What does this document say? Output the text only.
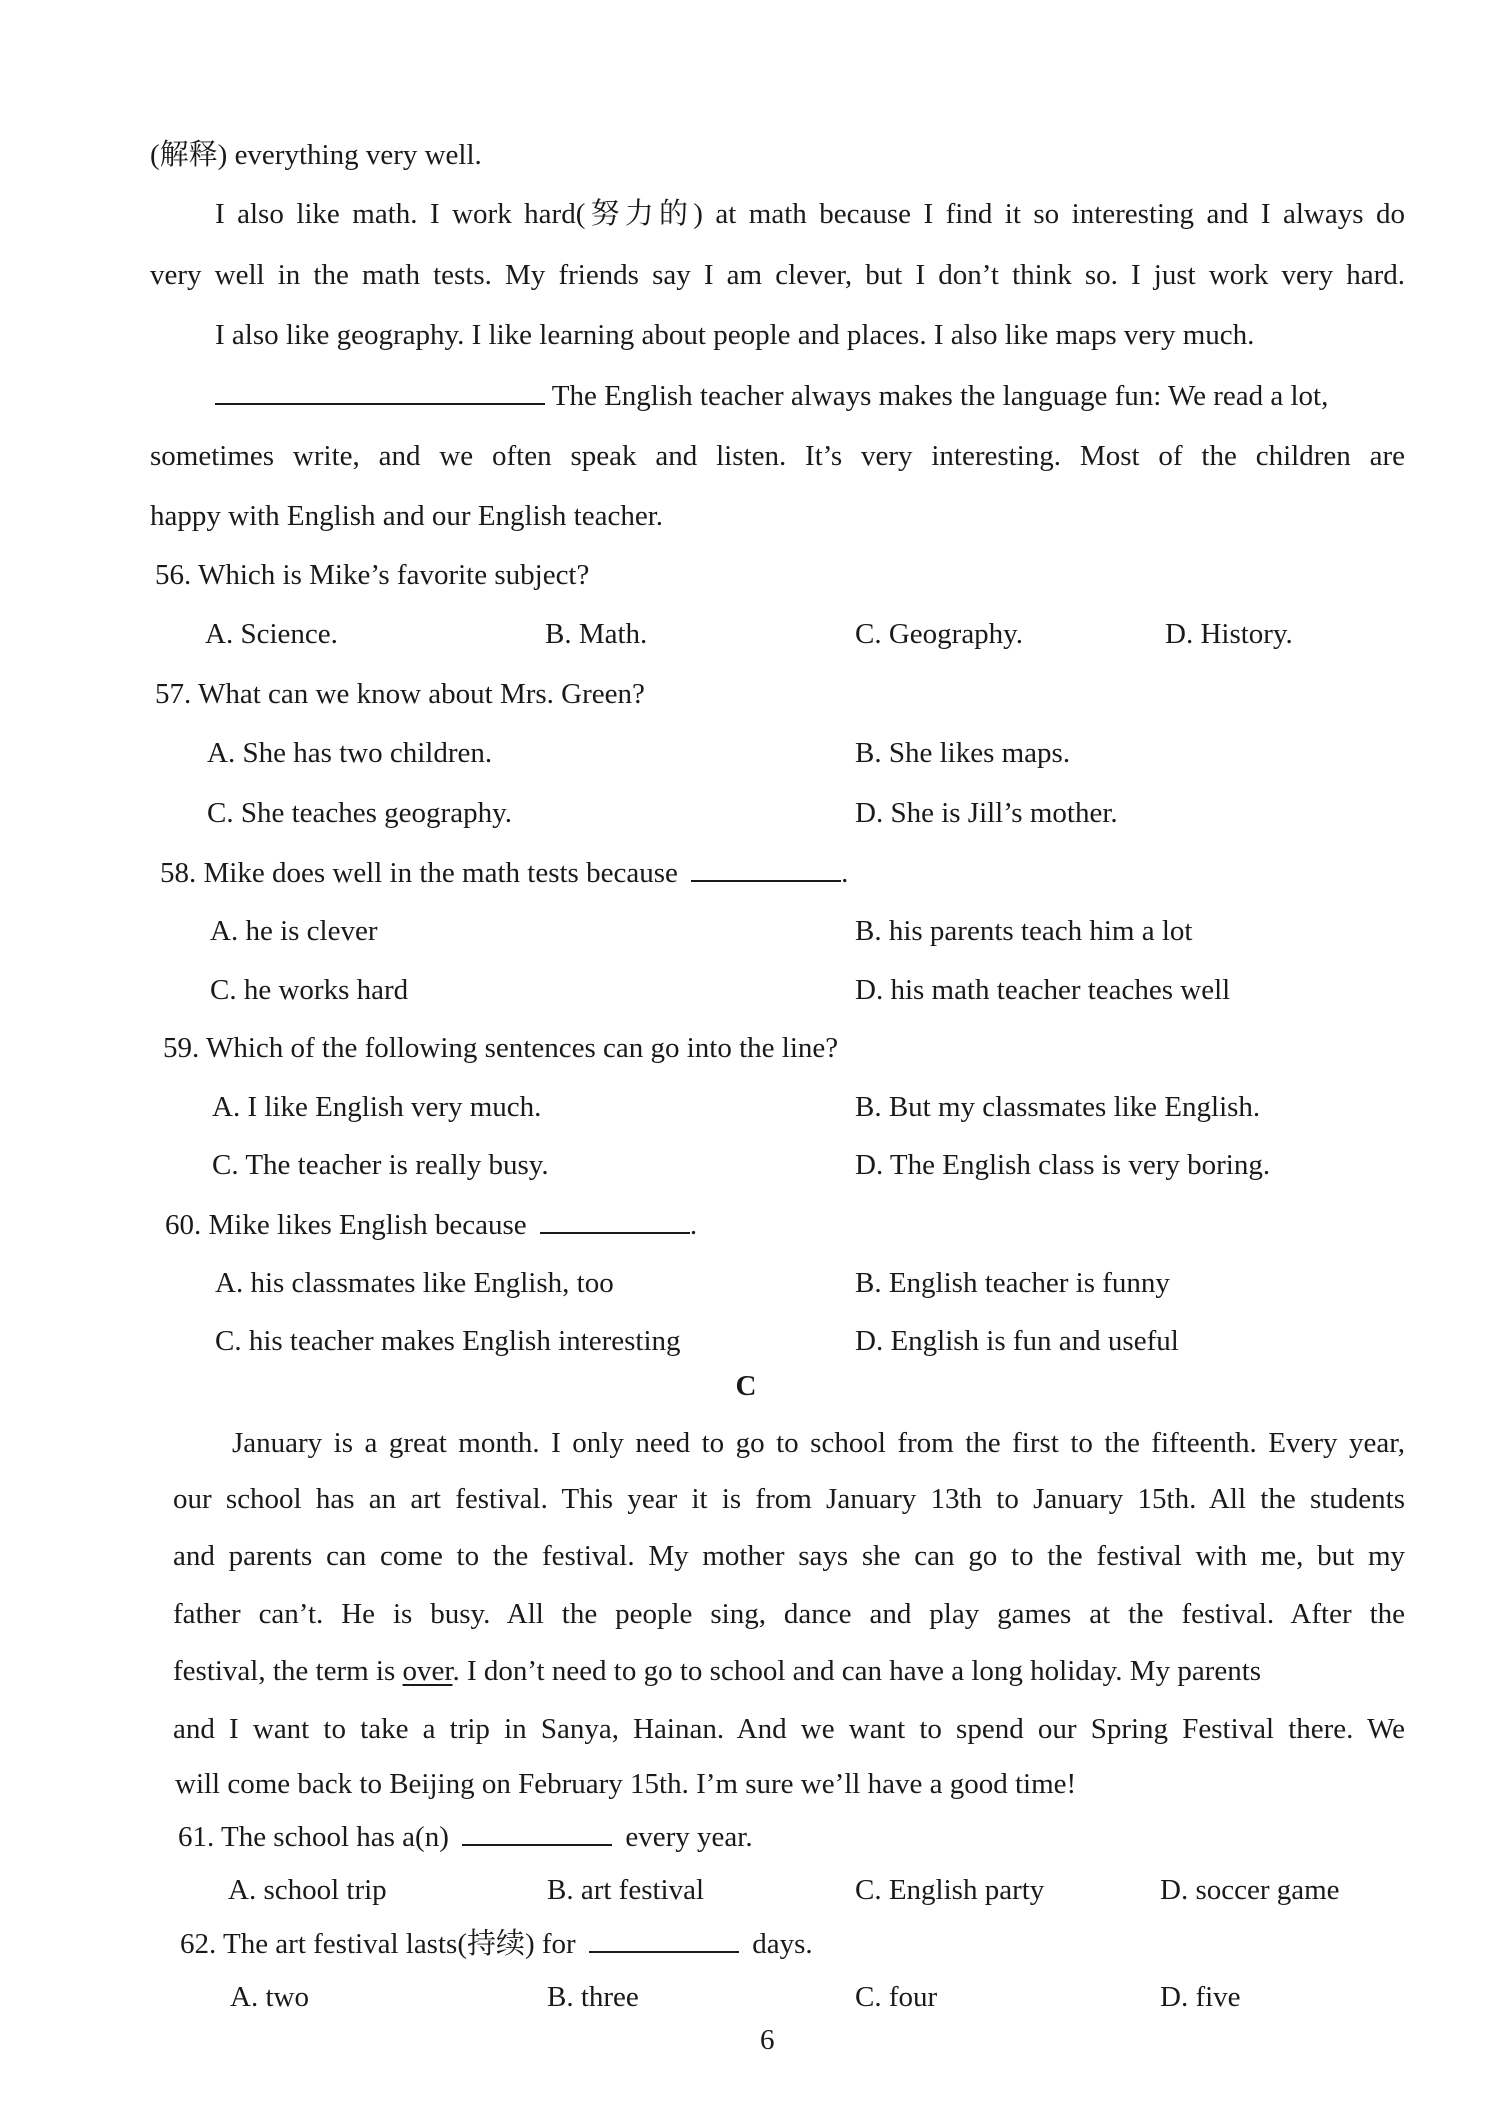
(解释) everything very well.
I also like math. I work hard(努力的) at math because I find it so interesting and I always do
very well in the math tests. My friends say I am clever, but I don’t think so. I just work very hard.
I also like geography. I like learning about people and places. I also like maps very much.
The English teacher always makes the language fun: We read a lot,
sometimes write, and we often speak and listen. It’s very interesting. Most of the children are
happy with English and our English teacher.
56. Which is Mike’s favorite subject?
A. Science.	B. Math.	C. Geography.	D. History.
57. What can we know about Mrs. Green?
A. She has two children.	B. She likes maps.
C. She teaches geography.	D. She is Jill’s mother.
58. Mike does well in the math tests because	.
A. he is clever	B. his parents teach him a lot
C. he works hard	D. his math teacher teaches well
59. Which of the following sentences can go into the line?
A. I like English very much.	B. But my classmates like English.
C. The teacher is really busy.	D. The English class is very boring.
60. Mike likes English because	.
A. his classmates like English, too	B. English teacher is funny
C. his teacher makes English interesting	D. English is fun and useful
C
January is a great month. I only need to go to school from the first to the fifteenth. Every year,
our school has an art festival. This year it is from January 13th to January 15th. All the students
and parents can come to the festival. My mother says she can go to the festival with me, but my
father can’t. He is busy. All the people sing, dance and play games at the festival. After the
festival, the term is over. I don’t need to go to school and can have a long holiday. My parents
and I want to take a trip in Sanya, Hainan. And we want to spend our Spring Festival there. We
will come back to Beijing on February 15th. I’m sure we’ll have a good time!
61. The school has a(n)	every year.
A. school trip	B. art festival	C. English party	D. soccer game
62. The art festival lasts(持续) for	days.
A. two	B. three	C. four	D. five
6
